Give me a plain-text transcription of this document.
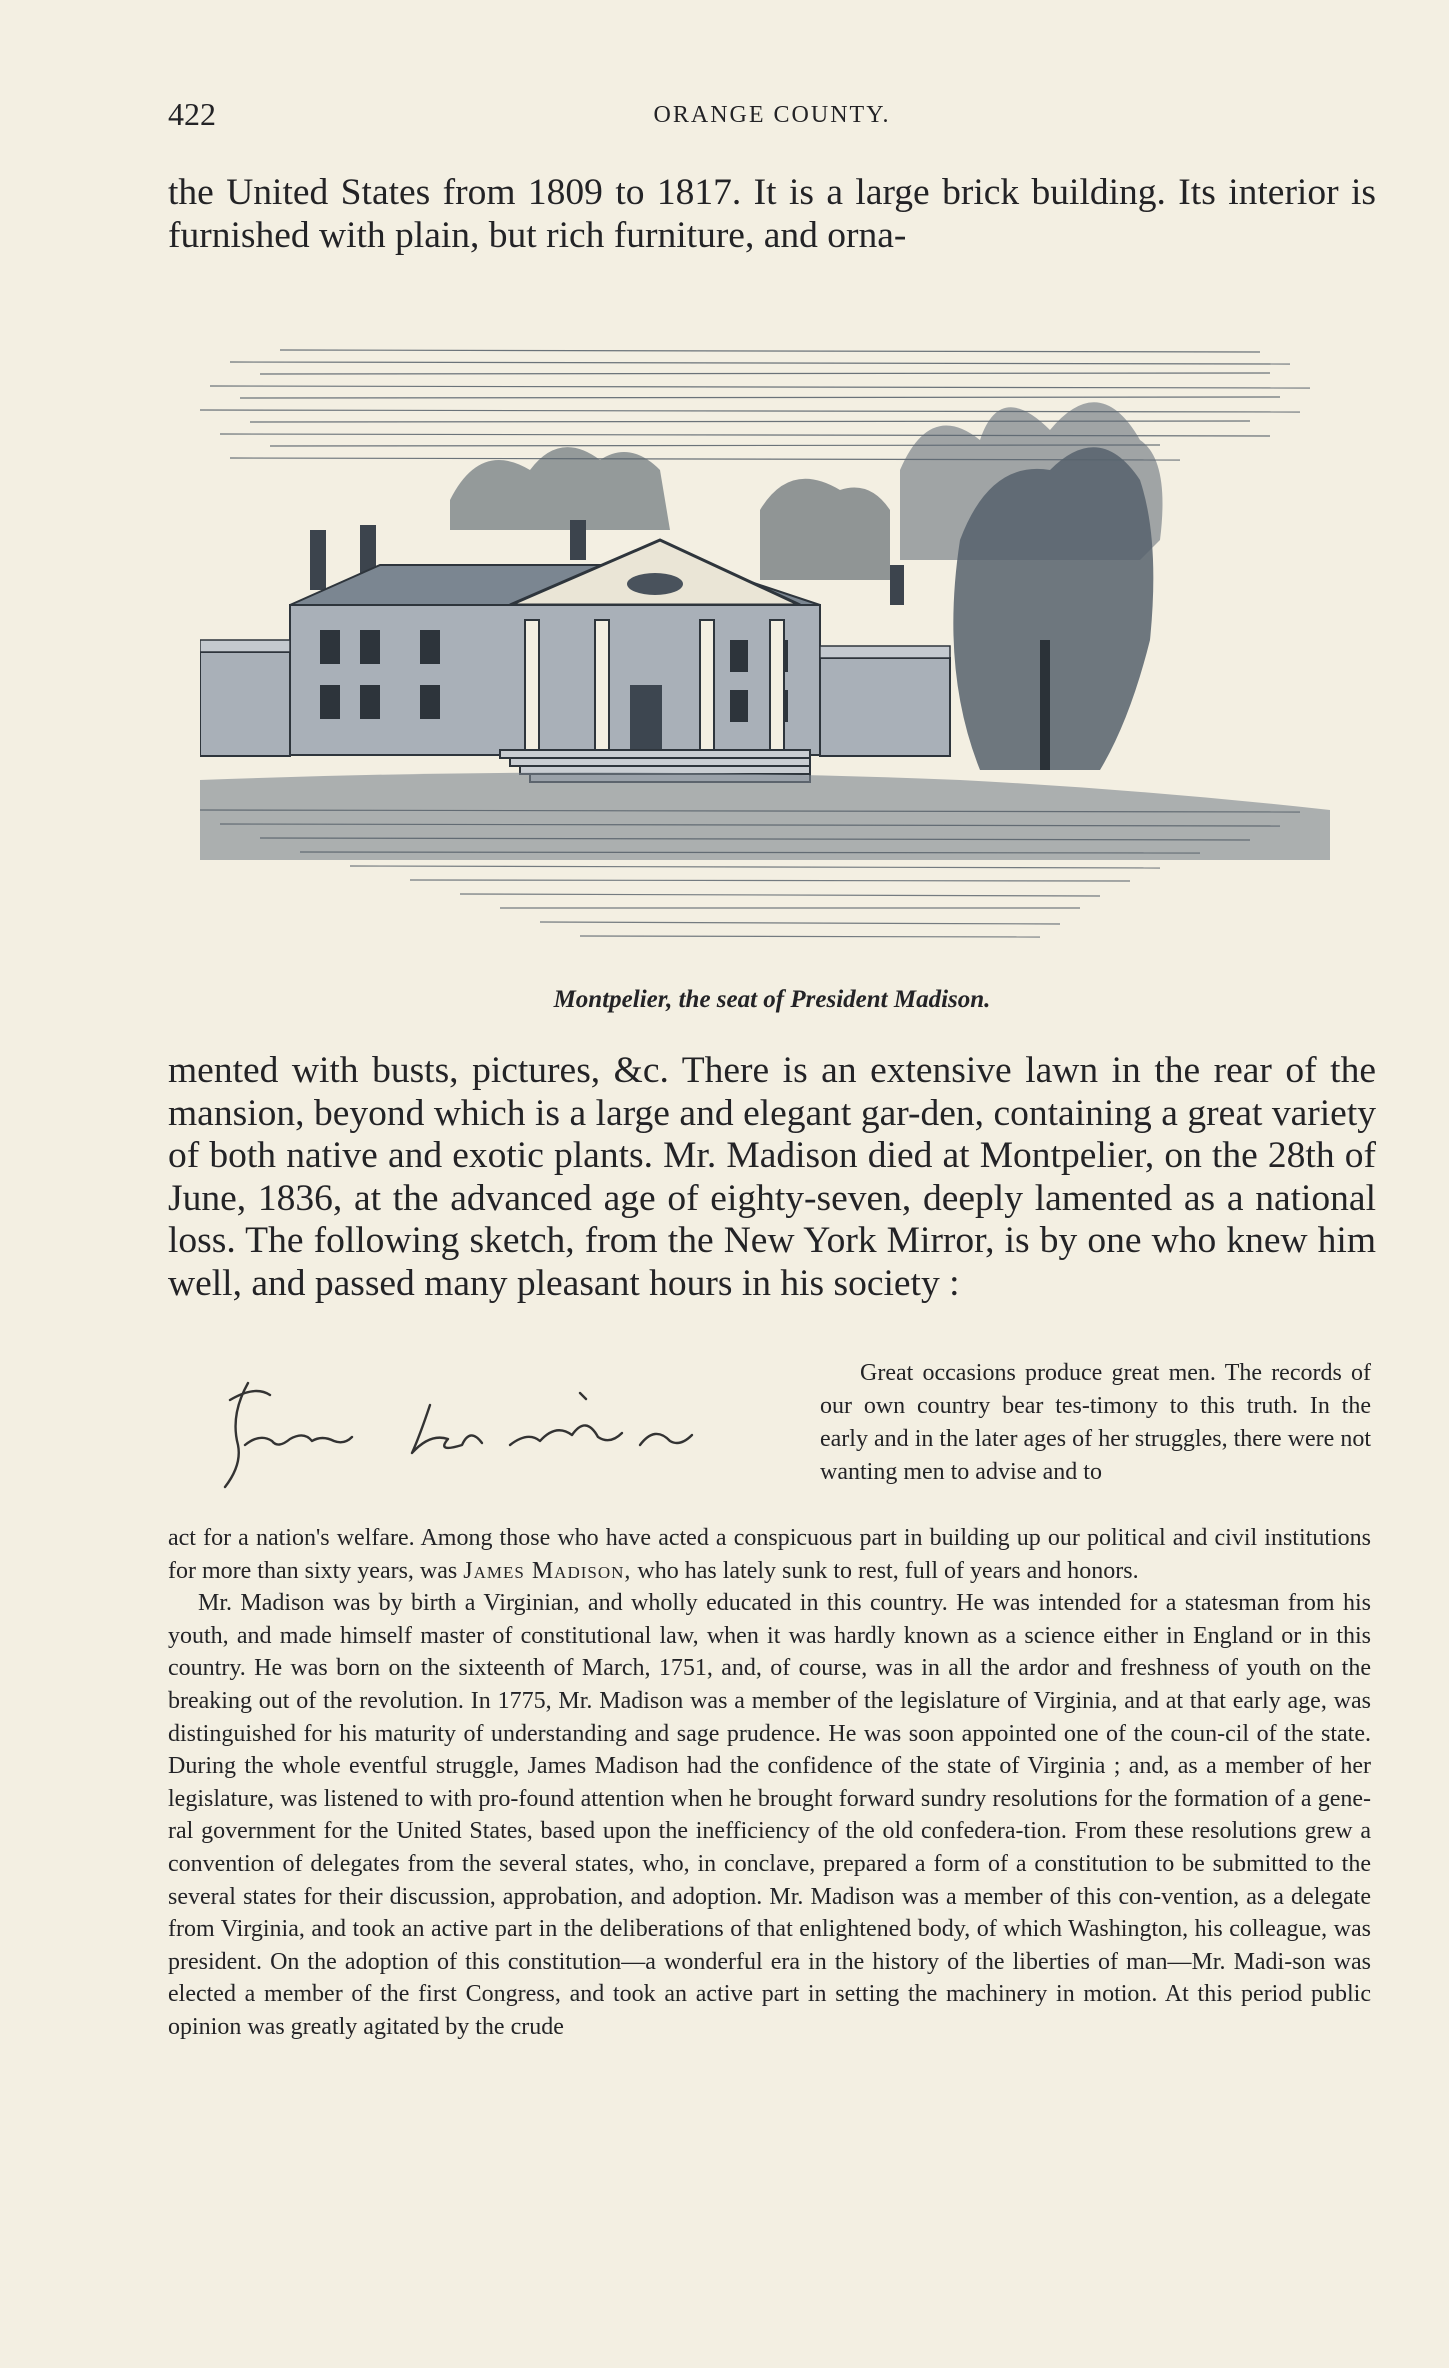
422	ORANGE COUNTY.

the United States from 1809 to 1817. It is a large brick building. Its interior is furnished with plain, but rich furniture, and orna-

Montpelier, the seat of President Madison.

mented with busts, pictures, &c. There is an extensive lawn in the rear of the mansion, beyond which is a large and elegant gar-den, containing a great variety of both native and exotic plants. Mr. Madison died at Montpelier, on the 28th of June, 1836, at the advanced age of eighty-seven, deeply lamented as a national loss. The following sketch, from the New York Mirror, is by one who knew him well, and passed many pleasant hours in his society :

Great occasions produce great men. The records of our own country bear tes-timony to this truth. In the early and in the later ages of her struggles, there were not wanting men to advise and to

act for a nation's welfare. Among those who have acted a conspicuous part in building up our political and civil institutions for more than sixty years, was James Madison, who has lately sunk to rest, full of years and honors.

Mr. Madison was by birth a Virginian, and wholly educated in this country. He was intended for a statesman from his youth, and made himself master of constitutional law, when it was hardly known as a science either in England or in this country. He was born on the sixteenth of March, 1751, and, of course, was in all the ardor and freshness of youth on the breaking out of the revolution. In 1775, Mr. Madison was a member of the legislature of Virginia, and at that early age, was distinguished for his maturity of understanding and sage prudence. He was soon appointed one of the coun-cil of the state. During the whole eventful struggle, James Madison had the confidence of the state of Virginia ; and, as a member of her legislature, was listened to with pro-found attention when he brought forward sundry resolutions for the formation of a gene-ral government for the United States, based upon the inefficiency of the old confedera-tion. From these resolutions grew a convention of delegates from the several states, who, in conclave, prepared a form of a constitution to be submitted to the several states for their discussion, approbation, and adoption. Mr. Madison was a member of this con-vention, as a delegate from Virginia, and took an active part in the deliberations of that enlightened body, of which Washington, his colleague, was president. On the adoption of this constitution—a wonderful era in the history of the liberties of man—Mr. Madi-son was elected a member of the first Congress, and took an active part in setting the machinery in motion. At this period public opinion was greatly agitated by the crude
